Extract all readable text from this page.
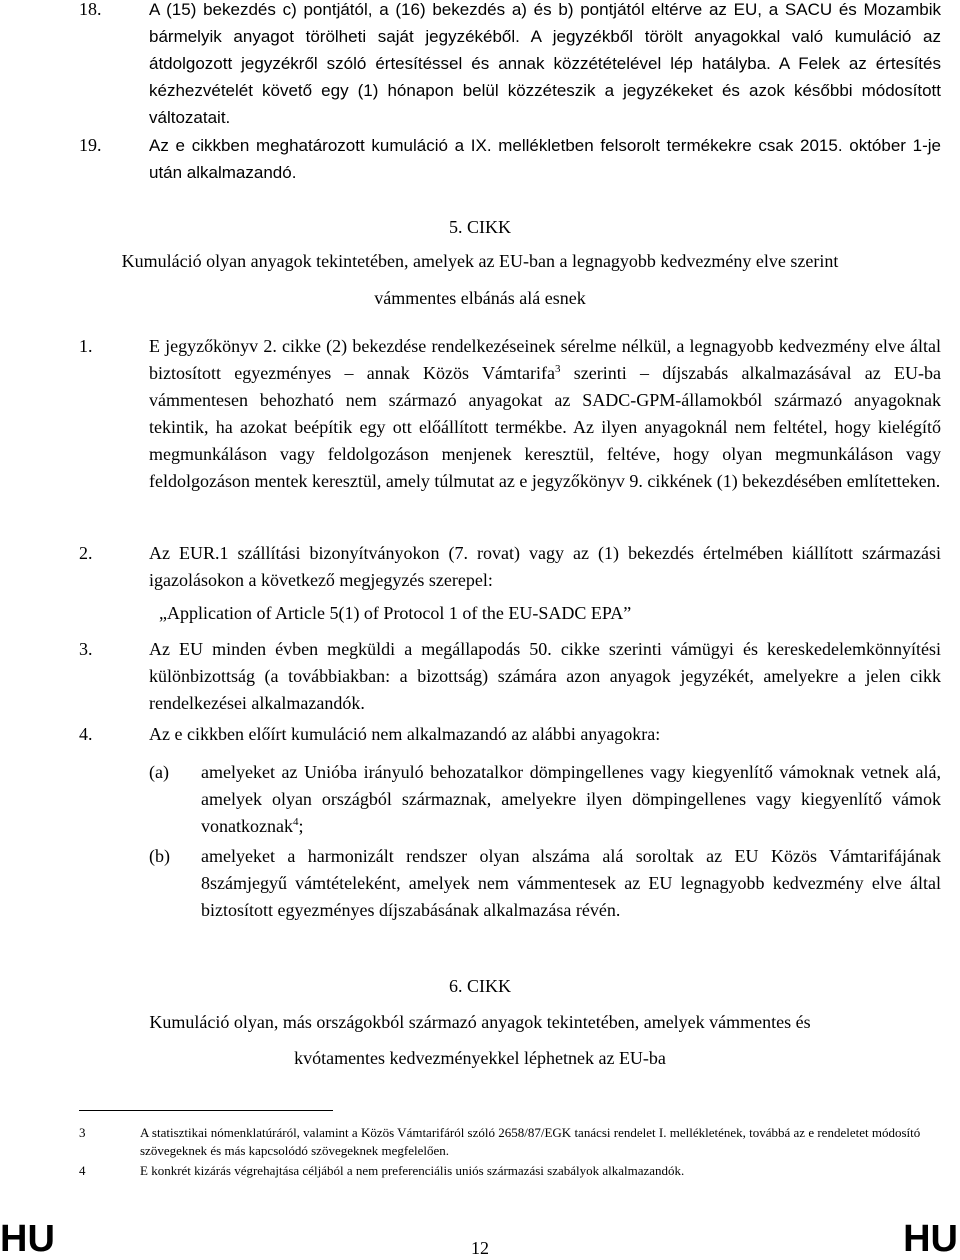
18.	A (15) bekezdés c) pontjától, a (16) bekezdés a) és b) pontjától eltérve az EU, a SACU és Mozambik bármelyik anyagot törölheti saját jegyzékéből. A jegyzékből törölt anyagokkal való kumuláció az átdolgozott jegyzékről szóló értesítéssel és annak közzétételével lép hatályba. A Felek az értesítés kézhezvételét követő egy (1) hónapon belül közzéteszik a jegyzékeket és azok későbbi módosított változatait.
19.	Az e cikkben meghatározott kumuláció a IX. mellékletben felsorolt termékekre csak 2015. október 1-je után alkalmazandó.
5. CIKK
Kumuláció olyan anyagok tekintetében, amelyek az EU-ban a legnagyobb kedvezmény elve szerint
vámmentes elbánás alá esnek
1.	E jegyzőkönyv 2. cikke (2) bekezdése rendelkezéseinek sérelme nélkül, a legnagyobb kedvezmény elve által biztosított egyezményes – annak Közös Vámtarifa$^3$ szerinti – díjszabás alkalmazásával az EU-ba vámmentesen behozható nem származó anyagokat az SADC-GPM-államokból származó anyagoknak tekintik, ha azokat beépítik egy ott előállított termékbe. Az ilyen anyagoknál nem feltétel, hogy kielégítő megmunkáláson vagy feldolgozáson menjenek keresztül, feltéve, hogy olyan megmunkáláson vagy feldolgozáson mentek keresztül, amely túlmutat az e jegyzőkönyv 9. cikkének (1) bekezdésében említetteken.
2.	Az EUR.1 szállítási bizonyítványokon (7. rovat) vagy az (1) bekezdés értelmében kiállított származási igazolásokon a következő megjegyzés szerepel:
„Application of Article 5(1) of Protocol 1 of the EU-SADC EPA”
3.	Az EU minden évben megküldi a megállapodás 50. cikke szerinti vámügyi és kereskedelemkönnyítési különbizottság (a továbbiakban: a bizottság) számára azon anyagok jegyzékét, amelyekre a jelen cikk rendelkezései alkalmazandók.
4.	Az e cikkben előírt kumuláció nem alkalmazandó az alábbi anyagokra:
(a) amelyeket az Unióba irányuló behozatalkor dömpingellenes vagy kiegyenlítő vámoknak vetnek alá, amelyek olyan országból származnak, amelyekre ilyen dömpingellenes vagy kiegyenlítő vámok vonatkoznak$^4$;
(b) amelyeket a harmonizált rendszer olyan alszáma alá soroltak az EU Közös Vámtarifájának 8számjegyű vámtételeként, amelyek nem vámmentesek az EU legnagyobb kedvezmény elve által biztosított egyezményes díjszabásának alkalmazása révén.
6. CIKK
Kumuláció olyan, más országokból származó anyagok tekintetében, amelyek vámmentes és
kvótamentes kedvezményekkel léphetnek az EU-ba
3	A statisztikai nómenklatúráról, valamint a Közös Vámtarifáról szóló 2658/87/EGK tanácsi rendelet I. mellékletének, továbbá az e rendeletet módosító szövegeknek és más kapcsolódó szövegeknek megfelelően.
4	E konkrét kizárás végrehajtása céljából a nem preferenciális uniós származási szabályok alkalmazandók.
HU	12	HU
